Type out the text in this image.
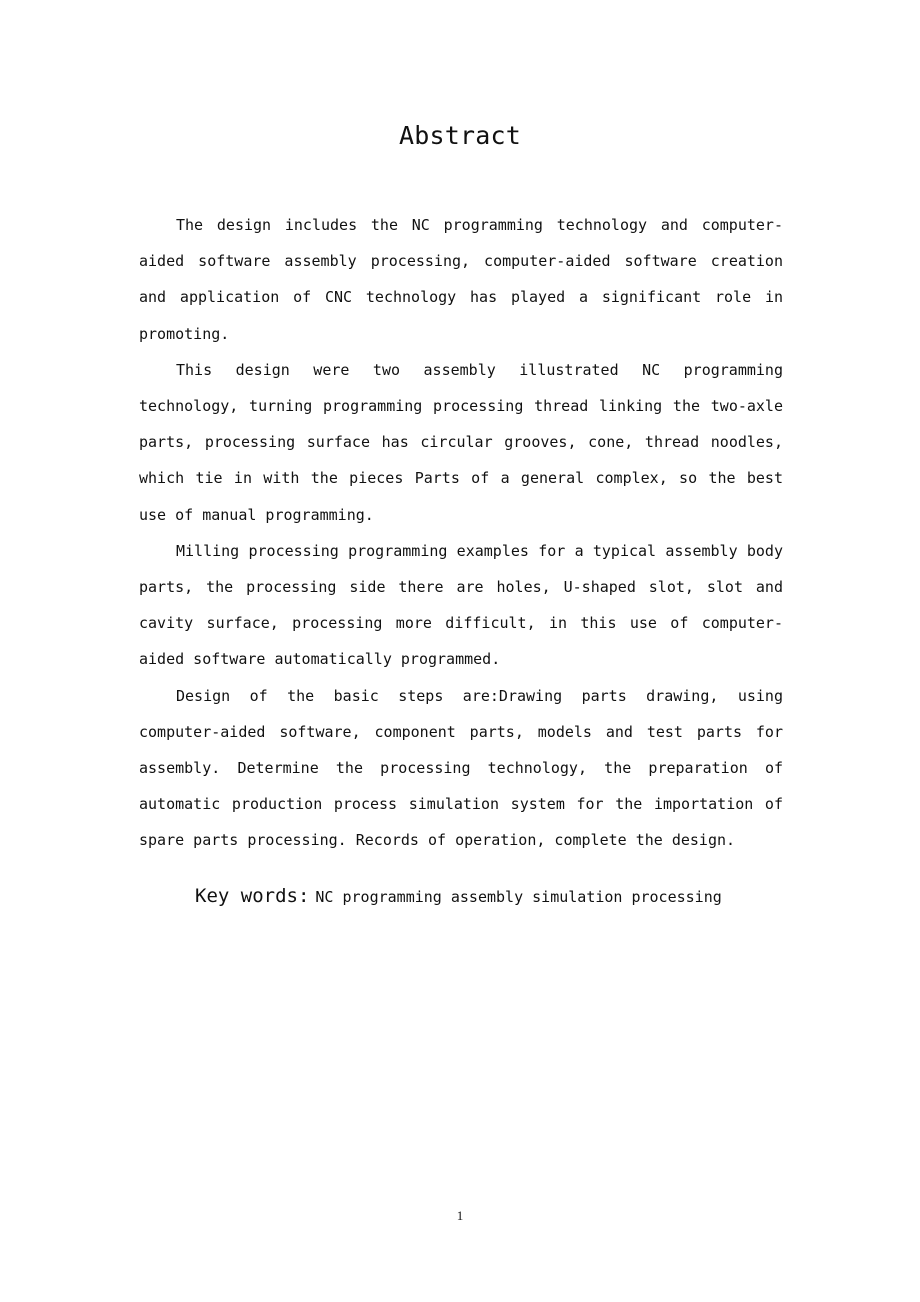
Abstract

The design includes the NC programming technology and computer-aided software assembly processing, computer-aided software creation and application of CNC technology has played a significant role in promoting.

This design were two assembly illustrated NC programming technology, turning programming processing thread linking the two-axle parts, processing surface has circular grooves, cone, thread noodles, which tie in with the pieces Parts of a general complex, so the best use of manual programming.

Milling processing programming examples for a typical assembly body parts, the processing side there are holes, U-shaped slot, slot and cavity surface, processing more difficult, in this use of computer-aided software automatically programmed.

Design of the basic steps are:Drawing parts drawing, using computer-aided software, component parts, models and test parts for assembly. Determine the processing technology, the preparation of automatic production process simulation system for the importation of spare parts processing. Records of operation, complete the design.

Key words: NC programming assembly simulation processing
1
